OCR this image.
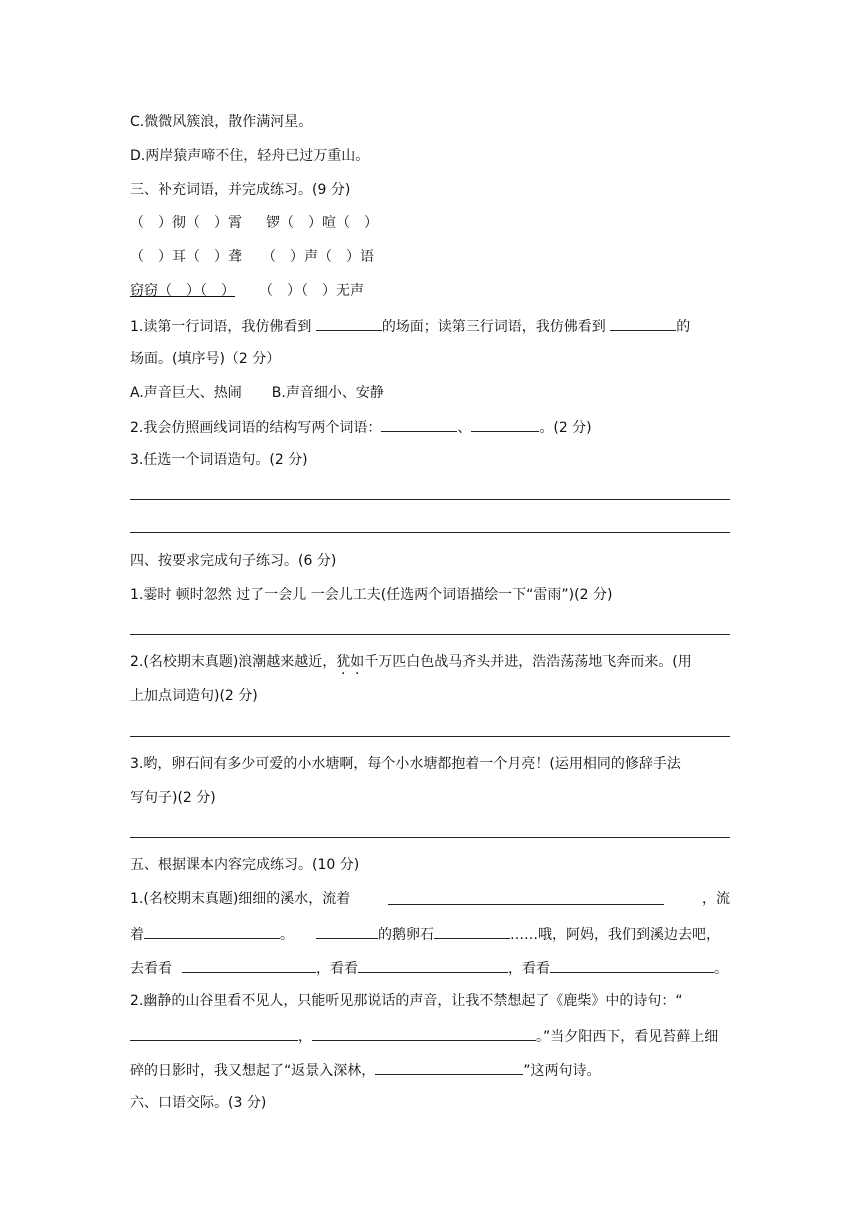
C.微微风簇浪，散作满河星。
D.两岸猿声啼不住，轻舟已过万重山。
三、补充词语，并完成练习。(9 分)
（　）彻（　）霄 锣（　）喧（　）
（　）耳（　）聋 （　）声（　）语
窃窃（　）（　） （　）（　）无声
1.读第一行词语，我仿佛看到	的场面；读第三行词语，我仿佛看到	的
场面。(填序号)（2 分）
A.声音巨大、热闹 B.声音细小、安静
2.我会仿照画线词语的结构写两个词语：	、	。(2 分)
3.任选一个词语造句。(2 分)
四、按要求完成句子练习。(6 分)
1.霎时 顿时忽然 过了一会儿 一会儿工夫(任选两个词语描绘一下“雷雨”)(2 分)
2.(名校期末真题)浪潮越来越近，犹如千万匹白色战马齐头并进，浩浩荡荡地飞奔而来。(用
上加点词造句)(2 分)
3.哟，卵石间有多少可爱的小水塘啊，每个小水塘都抱着一个月亮！(运用相同的修辞手法
写句子)(2 分)
五、根据课本内容完成练习。(10 分)
1.(名校期末真题)细细的溪水，流着	，流
着	。	的鹅卵石	……哦，阿妈，我们到溪边去吧，
去看看	，看看	，看看	。
2.幽静的山谷里看不见人，只能听见那说话的声音，让我不禁想起了《鹿柴》中的诗句：“
，	。”当夕阳西下，看见苔藓上细
碎的日影时，我又想起了“返景入深林，	”这两句诗。
六、口语交际。(3 分)
